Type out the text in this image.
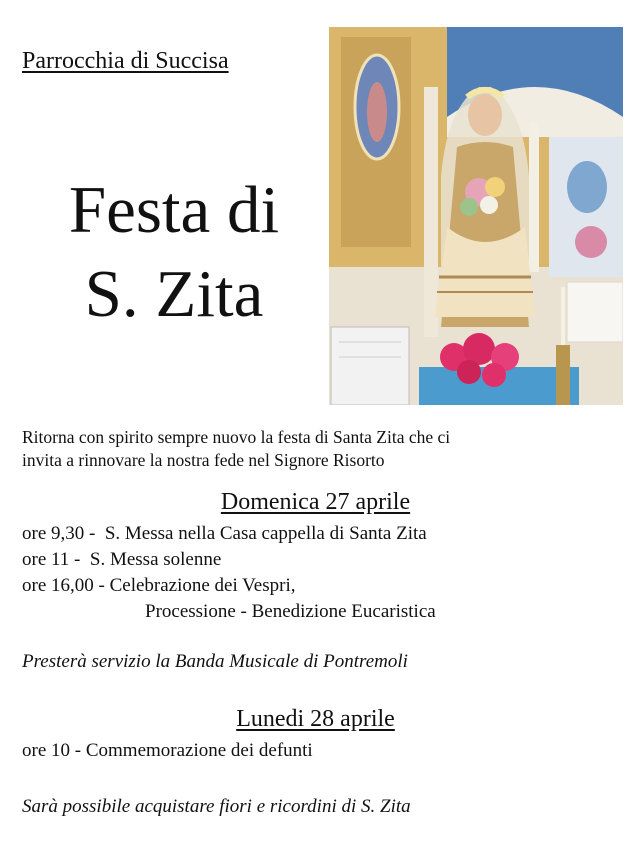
Parrocchia di Succisa
Festa di
S. Zita
Ritorna con spirito sempre nuovo la festa di Santa Zita che ci
invita a rinnovare la nostra fede nel Signore Risorto
Domenica 27 aprile
ore 9,30 -  S. Messa nella Casa cappella di Santa Zita
ore 11 -  S. Messa solenne
ore 16,00 - Celebrazione dei Vespri,
Processione - Benedizione Eucaristica
Presterà servizio la Banda Musicale di Pontremoli
Lunedi 28 aprile
ore 10 - Commemorazione dei defunti
Sarà possibile acquistare fiori e ricordini di S. Zita
